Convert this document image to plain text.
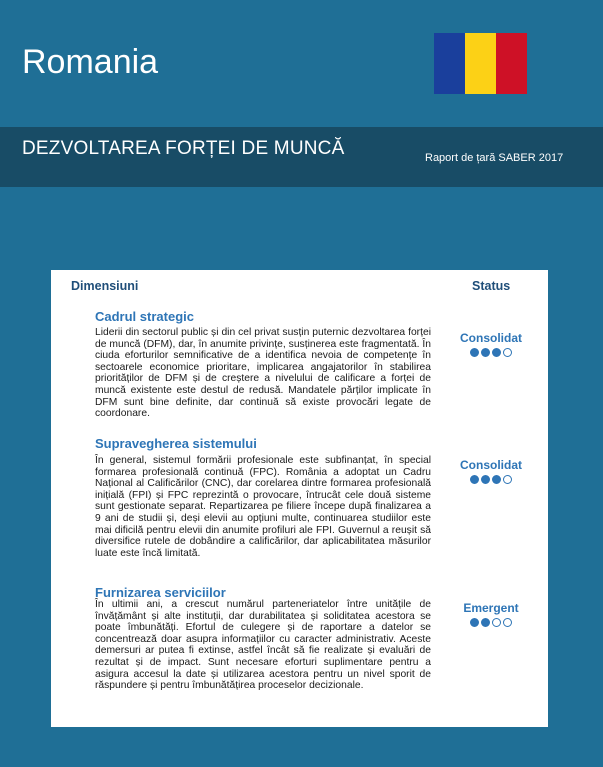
Romania
DEZVOLTAREA FORȚEI DE MUNCĂ	Raport de țară SABER 2017
Dimensiuni	Status
Cadrul strategic

Liderii din sectorul public și din cel privat susțin puternic dezvoltarea forței de muncă (DFM), dar, în anumite privințe, susținerea este fragmentată. În ciuda eforturilor semnificative de a identifica nevoia de competențe în sectoarele economice prioritare, implicarea angajatorilor în stabilirea priorităților de DFM și de creștere a nivelului de calificare a forței de muncă existente este destul de redusă. Mandatele părților implicate în DFM sunt bine definite, dar continuă să existe provocări legate de coordonare.

Consolidat
Supravegherea sistemului

În general, sistemul formării profesionale este subfinanțat, în special formarea profesională continuă (FPC). România a adoptat un Cadru Național al Calificărilor (CNC), dar corelarea dintre formarea profesională inițială (FPI) și FPC reprezintă o provocare, întrucât cele două sisteme sunt gestionate separat. Repartizarea pe filiere începe după finalizarea a 9 ani de studii și, deși elevii au opțiuni multe, continuarea studiilor este mai dificilă pentru elevii din anumite profiluri ale FPI. Guvernul a reușit să diversifice rutele de dobândire a calificărilor, dar aplicabilitatea măsurilor luate este încă limitată.

Consolidat
Furnizarea serviciilor

În ultimii ani, a crescut numărul parteneriatelor între unitățile de învățământ și alte instituții, dar durabilitatea și soliditatea acestora se poate îmbunătăți. Efortul de culegere și de raportare a datelor se concentrează doar asupra informațiilor cu caracter administrativ. Aceste demersuri ar putea fi extinse, astfel încât să fie realizate și evaluări de rezultat și de impact. Sunt necesare eforturi suplimentare pentru a asigura accesul la date și utilizarea acestora pentru un nivel sporit de răspundere și pentru îmbunătățirea proceselor decizionale.

Emergent
